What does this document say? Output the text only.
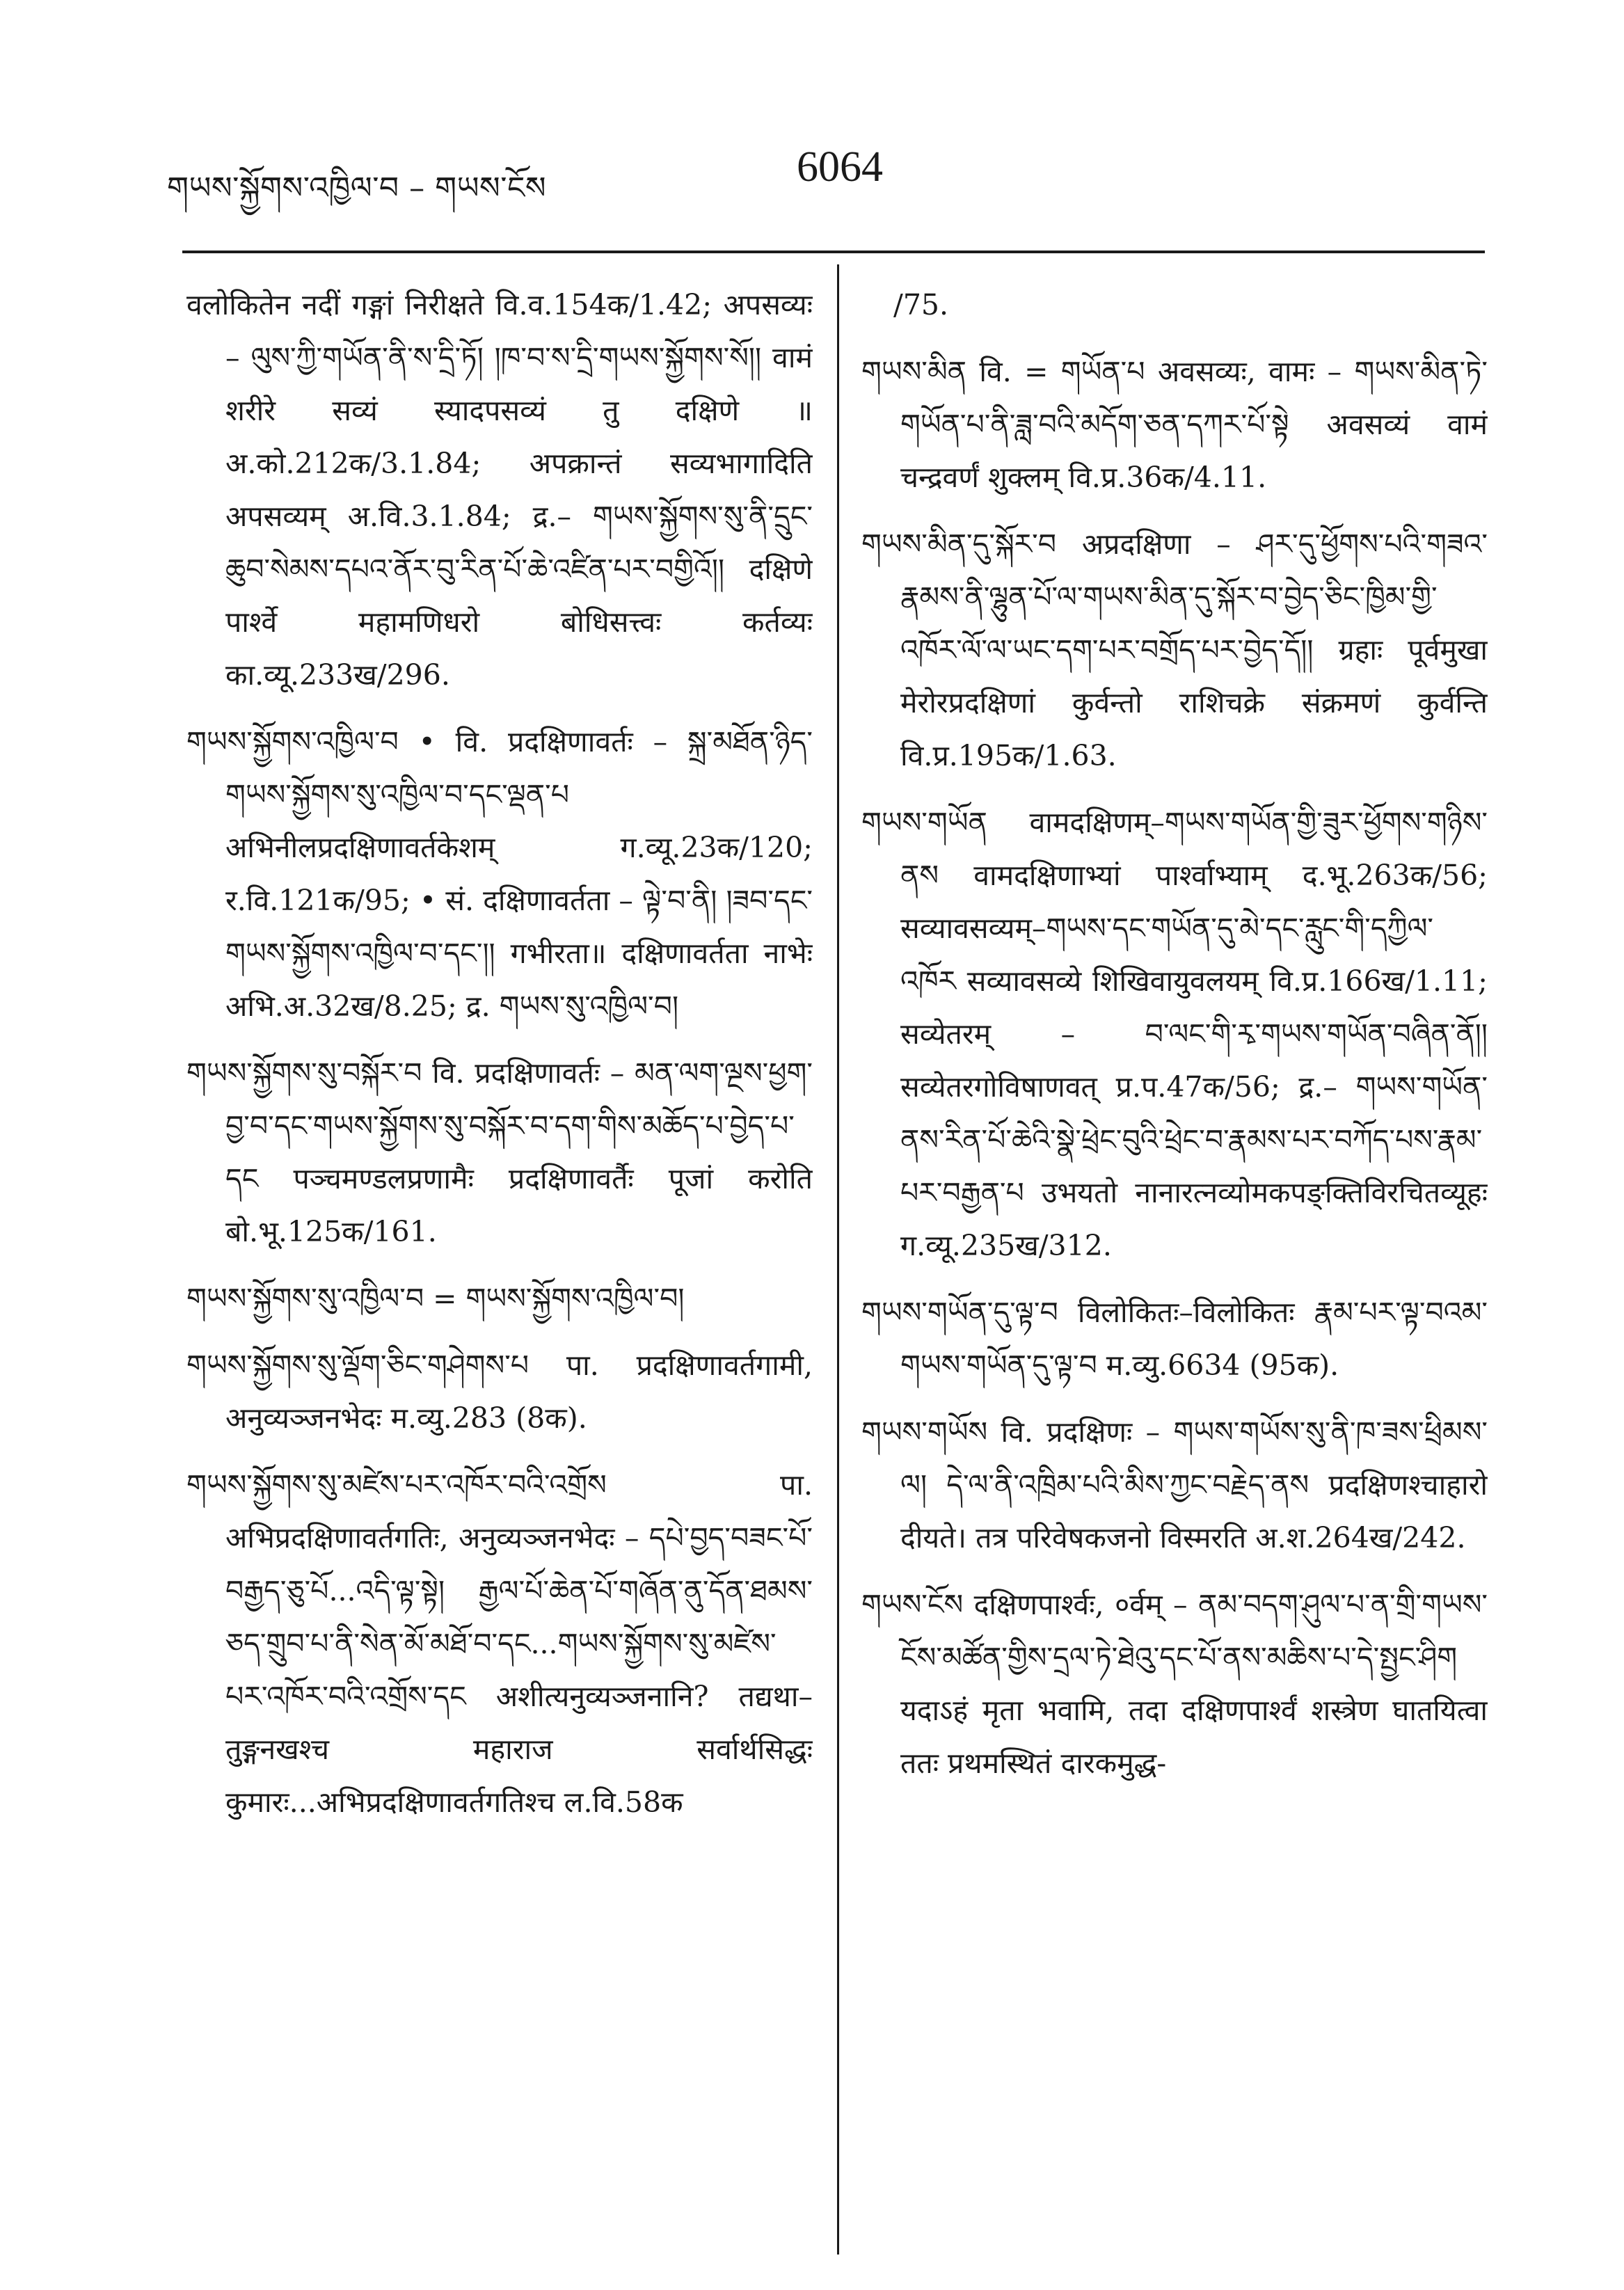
གཡས་སྐྱོགས་འཁྱིལ་བ – གཡས་ངོས	6064
वलोकितेन नदीं गङ्गां निरीक्षते वि.व.154क/1.42; अपसव्यः – ལུས་ཀྱི་གཡོན་ནི་ས་དྲི་ཏོ། །ཁ་བ་ས་དྲི་གཡས་སྐྱོགས་སོ།། वामं शरीरे सव्यं स्यादपसव्यं तु दक्षिणे ॥ अ.को.212क/3.1.84; अपक्रान्तं सव्यभागादिति अपसव्यम् अ.वि.3.1.84; द्र.– གཡས་སྐྱོགས་སུ་ནི་དྲུང་ཆུབ་སེམས་དཔའ་ནོར་བུ་རིན་པོ་ཆེ་འཛིན་པར་བགྱིའོ།། दक्षिणे पार्श्वे महामणिधरो बोधिसत्त्वः कर्तव्यः का.व्यू.233ख/296.
གཡས་སྐྱོགས་འཁྱིལ་བ • वि. प्रदक्षिणावर्तः – སྐྲ་མཐོན་ཉིད་གཡས་སྐྱོགས་སུ་འཁྱིལ་བ་དང་ལྡན་པ अभिनीलप्रदक्षिणावर्तकेशम् ग.व्यू.23क/120; र.वि.121क/95; • सं. दक्षिणावर्तता – ལྟེ་བ་ནི། །ཟབ་དང་གཡས་སྐྱོགས་འཁྱིལ་བ་དང་།། गभीरता॥ दक्षिणावर्तता नाभेः अभि.अ.32ख/8.25; द्र. གཡས་སུ་འཁྱིལ་བ།
གཡས་སྐྱོགས་སུ་བསྐོར་བ वि. प्रदक्षिणावर्तः – མན་ལག་ལྔས་ཕྱག་བྱ་བ་དང་གཡས་སྐྱོགས་སུ་བསྐོར་བ་དག་གིས་མཆོད་པ་བྱེད་པ་དང पञ्चमण्डलप्रणामैः प्रदक्षिणावर्तैः पूजां करोति बो.भू.125क/161.
གཡས་སྐྱོགས་སུ་འཁྱིལ་བ = གཡས་སྐྱོགས་འཁྱིལ་བ།
གཡས་སྐྱོགས་སུ་ལྡོག་ཅིང་གཤེགས་པ पा. प्रदक्षिणावर्तगामी, अनुव्यञ्जनभेदः म.व्यु.283 (8क).
གཡས་སྐྱོགས་སུ་མཛེས་པར་འཁོར་བའི་འགྲོས पा. अभिप्रदक्षिणावर्तगतिः, अनुव्यञ्जनभेदः – དཔེ་བྱད་བཟང་པོ་བརྒྱད་ཅུ་པོ...འདི་ལྟ་སྟེ། རྒྱལ་པོ་ཆེན་པོ་གཞོན་ནུ་དོན་ཐམས་ཅད་གྲུབ་པ་ནི་སེན་མོ་མཐོ་བ་དང...གཡས་སྐྱོགས་སུ་མཛེས་པར་འཁོར་བའི་འགྲོས་དང अशीत्यनुव्यञ्जनानि? तद्यथा–तुङ्गनखश्च महाराज सर्वार्थसिद्धः कुमारः...अभिप्रदक्षिणावर्तगतिश्च ल.वि.58क
/75.
གཡས་མིན वि. = གཡོན་པ अवसव्यः, वामः – གཡས་མིན་ཏེ་གཡོན་པ་ནི་ཟླ་བའི་མདོག་ཅན་དཀར་པོ་སྟེ अवसव्यं वामं चन्द्रवर्णं शुक्लम् वि.प्र.36क/4.11.
གཡས་མིན་དུ་སྐོར་བ अप्रदक्षिणा – ཤར་དུ་ཕྱོགས་པའི་གཟའ་རྣམས་ནི་ལྷུན་པོ་ལ་གཡས་མིན་དུ་སྐོར་བ་བྱེད་ཅིང་ཁྱིམ་གྱི་འཁོར་ལོ་ལ་ཡང་དག་པར་བགྲོད་པར་བྱེད་དོ།། ग्रहाः पूर्वमुखा मेरोरप्रदक्षिणां कुर्वन्तो राशिचक्रे संक्रमणं कुर्वन्ति वि.प्र.195क/1.63.
གཡས་གཡོན वामदक्षिणम्–གཡས་གཡོན་གྱི་ཟུར་ཕྱོགས་གཉིས་ནས वामदक्षिणाभ्यां पार्श्वाभ्याम् द.भू.263क/56; सव्यावसव्यम्–གཡས་དང་གཡོན་དུ་མེ་དང་རླུང་གི་དཀྱིལ་འཁོར सव्यावसव्ये शिखिवायुवलयम् वि.प्र.166ख/1.11; सव्येतरम् – བ་ལང་གི་རྭ་གཡས་གཡོན་བཞིན་ནོ།། सव्येतरगोविषाणवत् प्र.प.47क/56; द्र.– གཡས་གཡོན་ནས་རིན་པོ་ཆེའི་སྣེ་ཕྲེང་བུའི་ཕྲེང་བ་རྣམས་པར་བཀོད་པས་རྣམ་པར་བརྒྱན་པ उभयतो नानारत्नव्योमकपङ्क्तिविरचितव्यूहः ग.व्यू.235ख/312.
གཡས་གཡོན་དུ་ལྟ་བ विलोकितः–विलोकितः རྣམ་པར་ལྟ་བའམ་གཡས་གཡོན་དུ་ལྟ་བ म.व्यु.6634 (95क).
གཡས་གཡོས वि. प्रदक्षिणः – གཡས་གཡོས་སུ་ནི་ཁ་ཟས་ཕྲིམས་ལ། དེ་ལ་ནི་འཁྲིམ་པའི་མིས་ཀྱང་བརྗེད་ནས प्रदक्षिणश्चाहारो दीयते। तत्र परिवेषकजनो विस्मरति अ.श.264ख/242.
གཡས་ངོས दक्षिणपार्श्वः, ०र्वम् – ནམ་བདག་ཤུལ་པ་ན་གྲི་གཡས་ངོས་མཚོན་གྱིས་དྲལ་ཏེ་ཐེའུ་དང་པོ་ནས་མཆིས་པ་དེ་སྤྱང་ཤིག यदाऽहं मृता भवामि, तदा दक्षिणपार्श्वं शस्त्रेण घातयित्वा ततः प्रथमस्थितं दारकमुद्ध-
